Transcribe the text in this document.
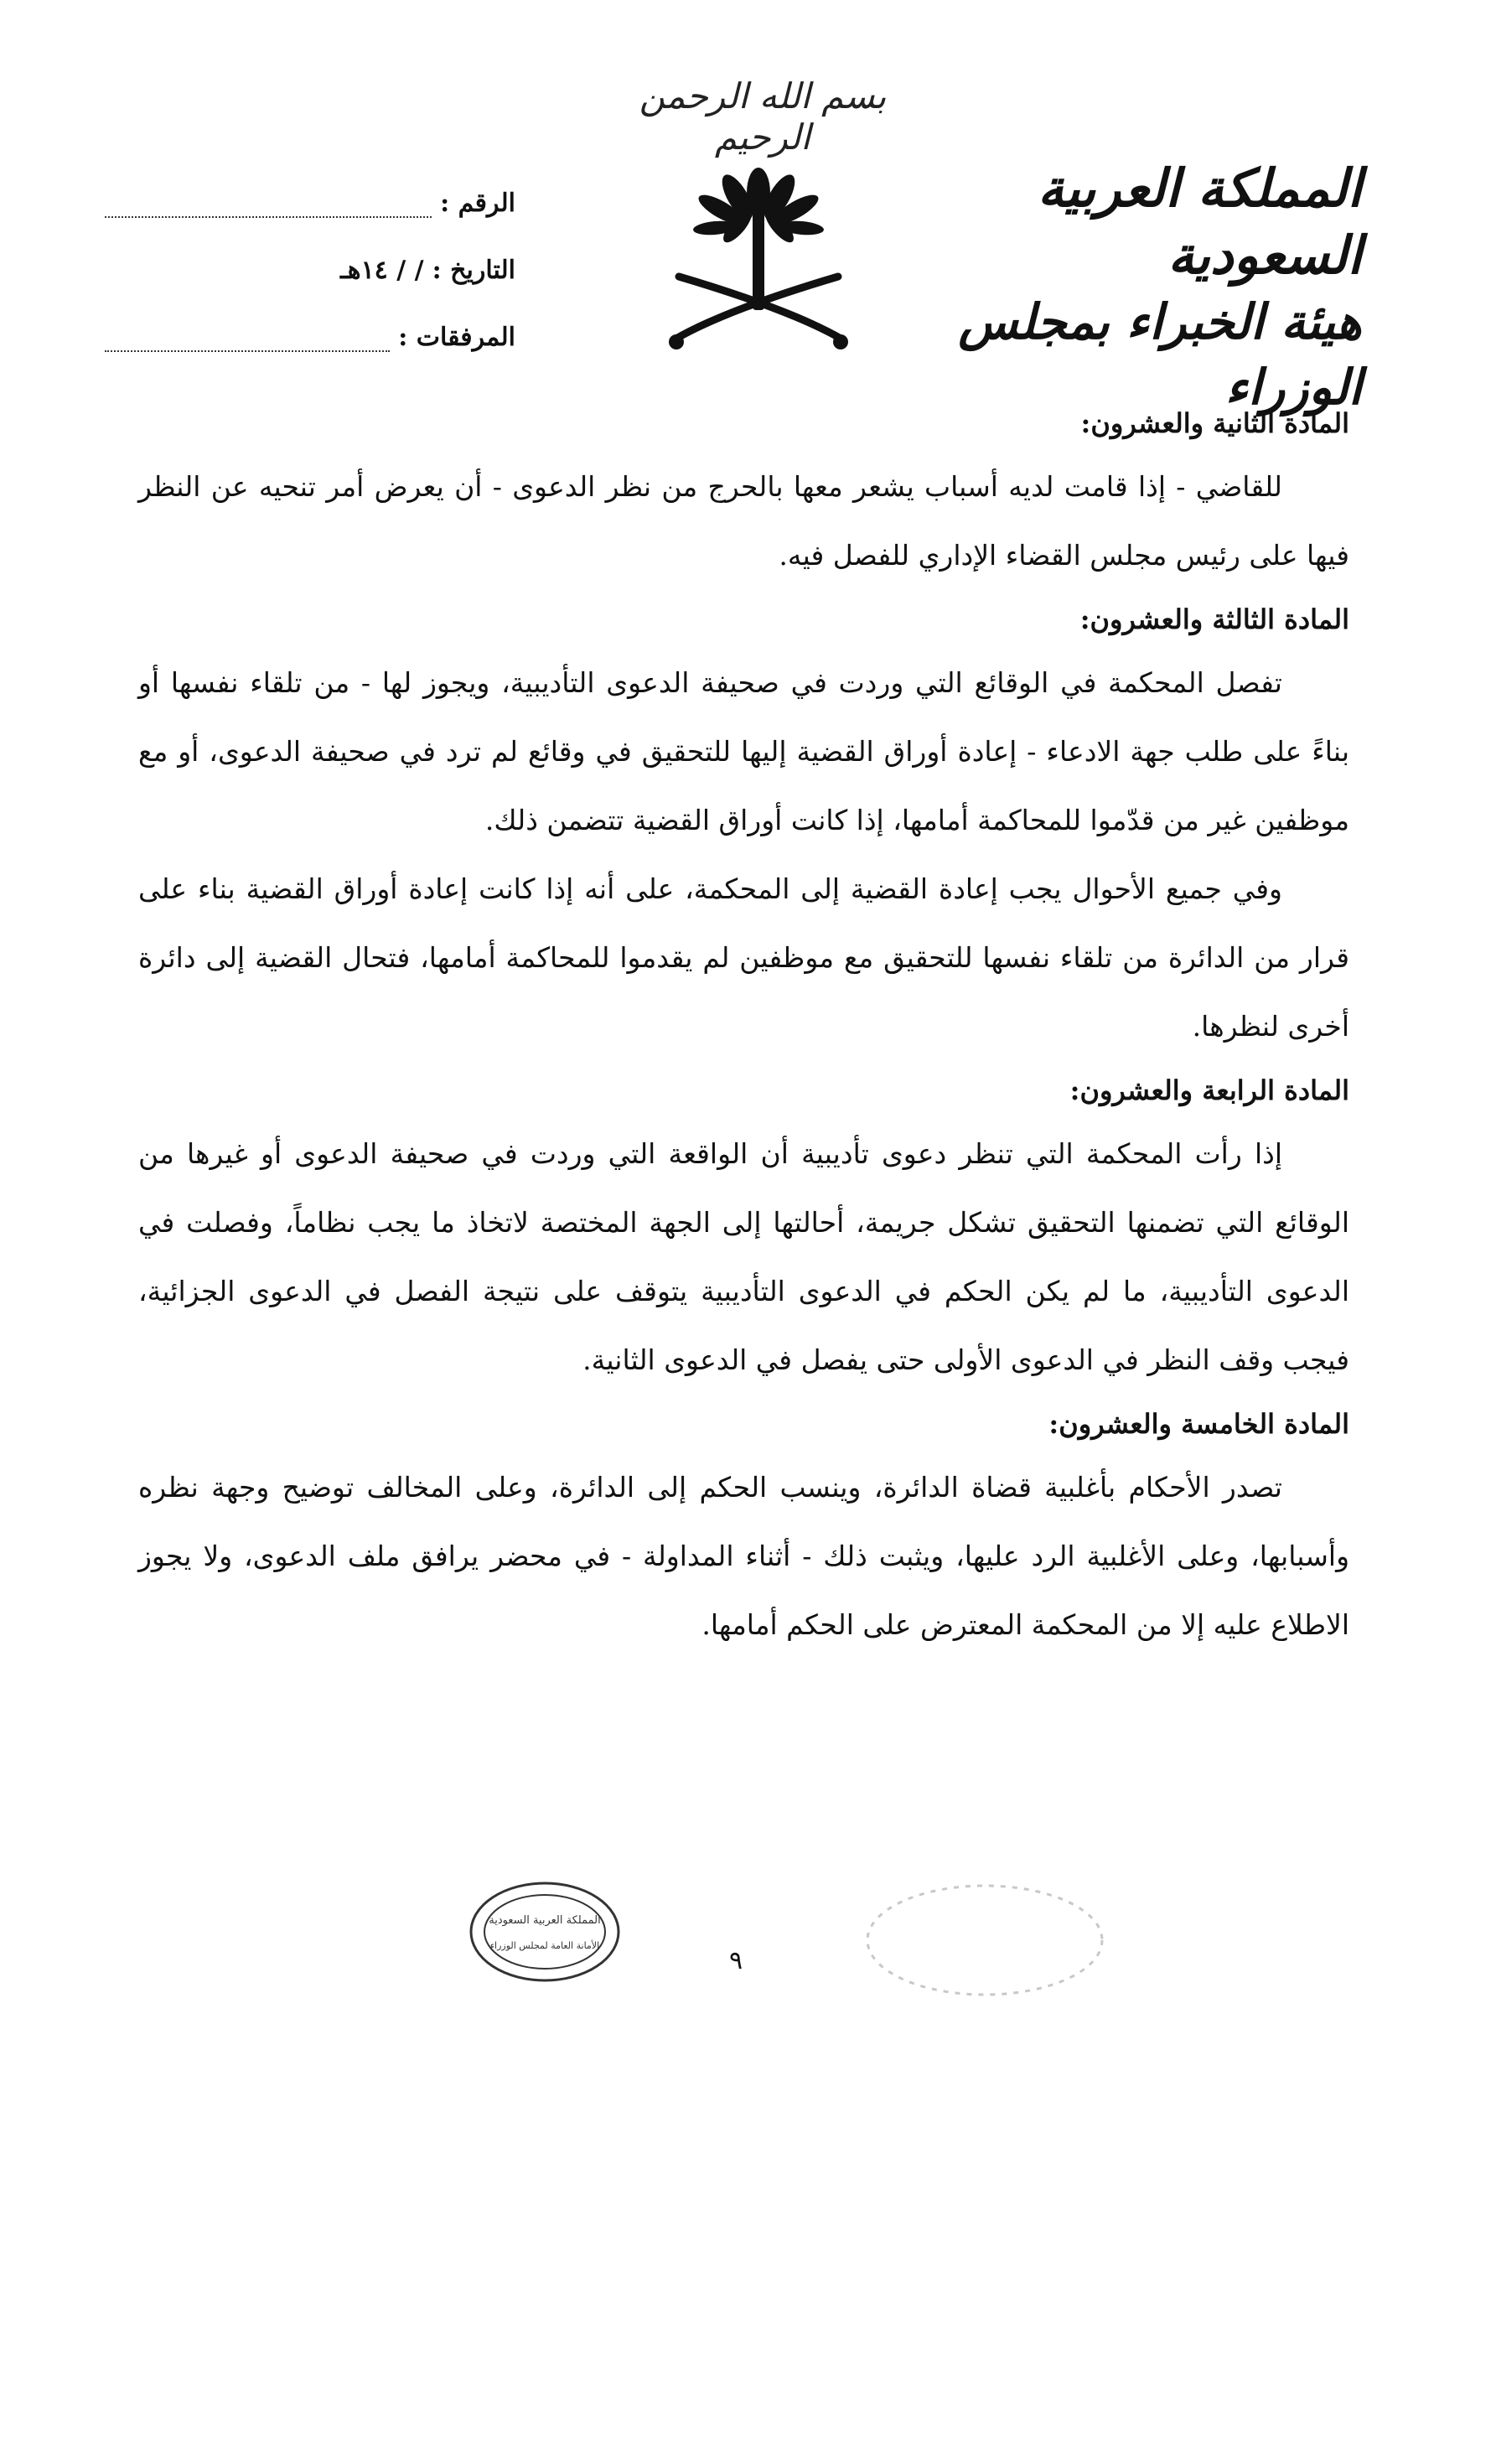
بسم الله الرحمن الرحيم
المملكة العربية السعودية
هيئة الخبراء بمجلس الوزراء
الرقم :
التاريخ :
/ / ١٤هـ
المرفقات :
المادة الثانية والعشرون:

للقاضي - إذا قامت لديه أسباب يشعر معها بالحرج من نظر الدعوى - أن يعرض أمر تنحيه عن النظر فيها على رئيس مجلس القضاء الإداري للفصل فيه.

المادة الثالثة والعشرون:

تفصل المحكمة في الوقائع التي وردت في صحيفة الدعوى التأديبية، ويجوز لها - من تلقاء نفسها أو بناءً على طلب جهة الادعاء - إعادة أوراق القضية إليها للتحقيق في وقائع لم ترد في صحيفة الدعوى، أو مع موظفين غير من قدّموا للمحاكمة أمامها، إذا كانت أوراق القضية تتضمن ذلك.

وفي جميع الأحوال يجب إعادة القضية إلى المحكمة، على أنه إذا كانت إعادة أوراق القضية بناء على قرار من الدائرة من تلقاء نفسها للتحقيق مع موظفين لم يقدموا للمحاكمة أمامها، فتحال القضية إلى دائرة أخرى لنظرها.

المادة الرابعة والعشرون:

إذا رأت المحكمة التي تنظر دعوى تأديبية أن الواقعة التي وردت في صحيفة الدعوى أو غيرها من الوقائع التي تضمنها التحقيق تشكل جريمة، أحالتها إلى الجهة المختصة لاتخاذ ما يجب نظاماً، وفصلت في الدعوى التأديبية، ما لم يكن الحكم في الدعوى التأديبية يتوقف على نتيجة الفصل في الدعوى الجزائية، فيجب وقف النظر في الدعوى الأولى حتى يفصل في الدعوى الثانية.

المادة الخامسة والعشرون:

تصدر الأحكام بأغلبية قضاة الدائرة، وينسب الحكم إلى الدائرة، وعلى المخالف توضيح وجهة نظره وأسبابها، وعلى الأغلبية الرد عليها، ويثبت ذلك - أثناء المداولة - في محضر يرافق ملف الدعوى، ولا يجوز الاطلاع عليه إلا من المحكمة المعترض على الحكم أمامها.

المملكة العربية السعودية
الأمانة العامة لمجلس الوزراء
٩
